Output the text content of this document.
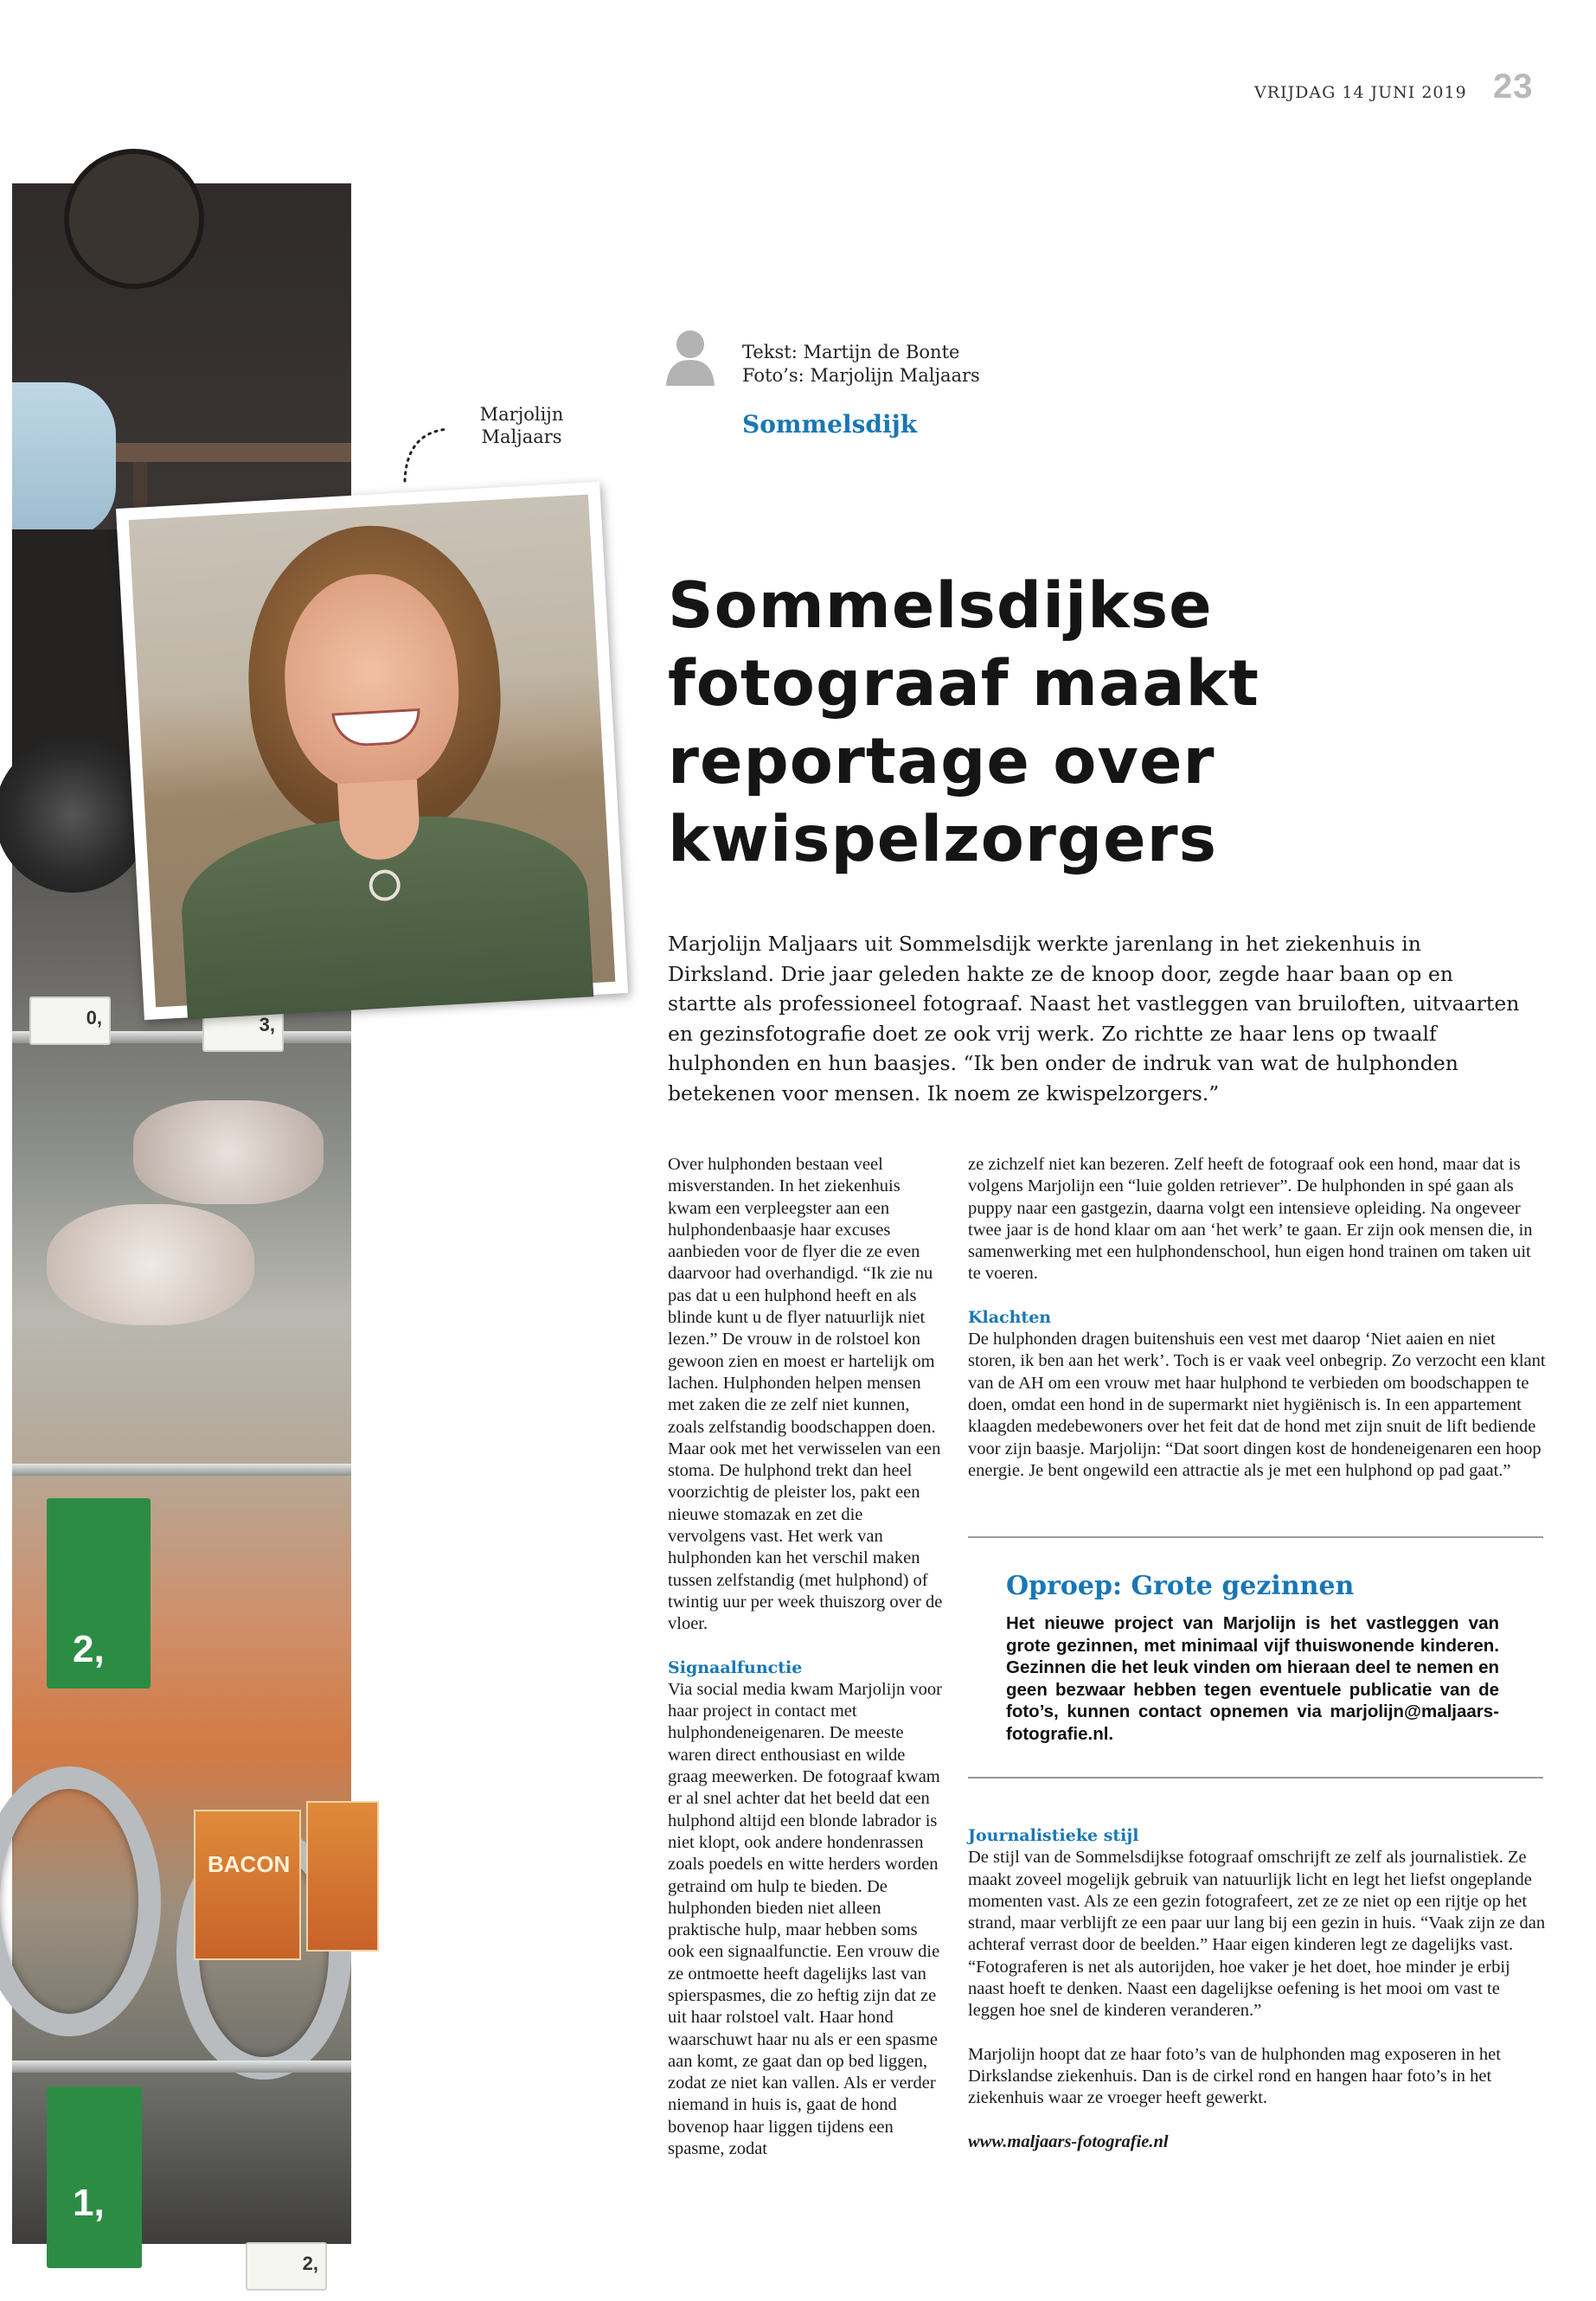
VRIJDAG 14 JUNI 2019 23
0,	3,
2,
BACON
1,
2,
Marjolijn
Maljaars
Tekst: Martijn de Bonte
Foto’s: Marjolijn Maljaars
Sommelsdijk
Sommelsdijkse
fotograaf maakt
reportage over
kwispelzorgers
Marjolijn Maljaars uit Sommelsdijk werkte jarenlang in het ziekenhuis in Dirksland. Drie jaar geleden hakte ze de knoop door, zegde haar baan op en startte als professioneel fotograaf. Naast het vastleggen van bruiloften, uitvaarten en gezinsfotografie doet ze ook vrij werk. Zo richtte ze haar lens op twaalf hulphonden en hun baasjes. “Ik ben onder de indruk van wat de hulphonden betekenen voor mensen. Ik noem ze kwispelzorgers.”

Over hulphonden bestaan veel misverstanden. In het ziekenhuis kwam een verpleegster aan een hulphondenbaasje haar excuses aanbieden voor de flyer die ze even daarvoor had overhandigd. “Ik zie nu pas dat u een hulphond heeft en als blinde kunt u de flyer natuurlijk niet lezen.” De vrouw in de rolstoel kon gewoon zien en moest er hartelijk om lachen. Hulphonden helpen mensen met zaken die ze zelf niet kunnen, zoals zelfstandig boodschappen doen. Maar ook met het verwisselen van een stoma. De hulphond trekt dan heel voorzichtig de pleister los, pakt een nieuwe stomazak en zet die vervolgens vast. Het werk van hulphonden kan het verschil maken tussen zelfstandig (met hulphond) of twintig uur per week thuiszorg over de vloer.

Signaalfunctie

Via social media kwam Marjolijn voor haar project in contact met hulphondeneigenaren. De meeste waren direct enthousiast en wilde graag meewerken. De fotograaf kwam er al snel achter dat het beeld dat een hulphond altijd een blonde labrador is niet klopt, ook andere hondenrassen zoals poedels en witte herders worden getraind om hulp te bieden. De hulphonden bieden niet alleen praktische hulp, maar hebben soms ook een signaalfunctie. Een vrouw die ze ontmoette heeft dagelijks last van spierspasmes, die zo heftig zijn dat ze uit haar rolstoel valt. Haar hond waarschuwt haar nu als er een spasme aan komt, ze gaat dan op bed liggen, zodat ze niet kan vallen. Als er verder niemand in huis is, gaat de hond bovenop haar liggen tijdens een spasme, zodat

ze zichzelf niet kan bezeren. Zelf heeft de fotograaf ook een hond, maar dat is volgens Marjolijn een “luie golden retriever”. De hulphonden in spé gaan als puppy naar een gastgezin, daarna volgt een intensieve opleiding. Na ongeveer twee jaar is de hond klaar om aan ‘het werk’ te gaan. Er zijn ook mensen die, in samenwerking met een hulphondenschool, hun eigen hond trainen om taken uit te voeren.

Klachten

De hulphonden dragen buitenshuis een vest met daarop ‘Niet aaien en niet storen, ik ben aan het werk’. Toch is er vaak veel onbegrip. Zo verzocht een klant van de AH om een vrouw met haar hulphond te verbieden om boodschappen te doen, omdat een hond in de supermarkt niet hygiënisch is. In een appartement klaagden medebewoners over het feit dat de hond met zijn snuit de lift bediende voor zijn baasje. Marjolijn: “Dat soort dingen kost de hondeneigenaren een hoop energie. Je bent ongewild een attractie als je met een hulphond op pad gaat.”

Oproep: Grote gezinnen
Het nieuwe project van Marjolijn is het vastleggen van grote gezinnen, met minimaal vijf thuiswonende kinderen. Gezinnen die het leuk vinden om hieraan deel te nemen en geen bezwaar hebben tegen eventuele publicatie van de foto’s, kunnen contact opnemen via marjolijn@maljaars-fotografie.nl.
Journalistieke stijl

De stijl van de Sommelsdijkse fotograaf omschrijft ze zelf als journalistiek. Ze maakt zoveel mogelijk gebruik van natuurlijk licht en legt het liefst ongeplande momenten vast. Als ze een gezin fotografeert, zet ze ze niet op een rijtje op het strand, maar verblijft ze een paar uur lang bij een gezin in huis. “Vaak zijn ze dan achteraf verrast door de beelden.” Haar eigen kinderen legt ze dagelijks vast. “Fotograferen is net als autorijden, hoe vaker je het doet, hoe minder je erbij naast hoeft te denken. Naast een dagelijkse oefening is het mooi om vast te leggen hoe snel de kinderen veranderen.”

Marjolijn hoopt dat ze haar foto’s van de hulphonden mag exposeren in het Dirkslandse ziekenhuis. Dan is de cirkel rond en hangen haar foto’s in het ziekenhuis waar ze vroeger heeft gewerkt.

www.maljaars-fotografie.nl
